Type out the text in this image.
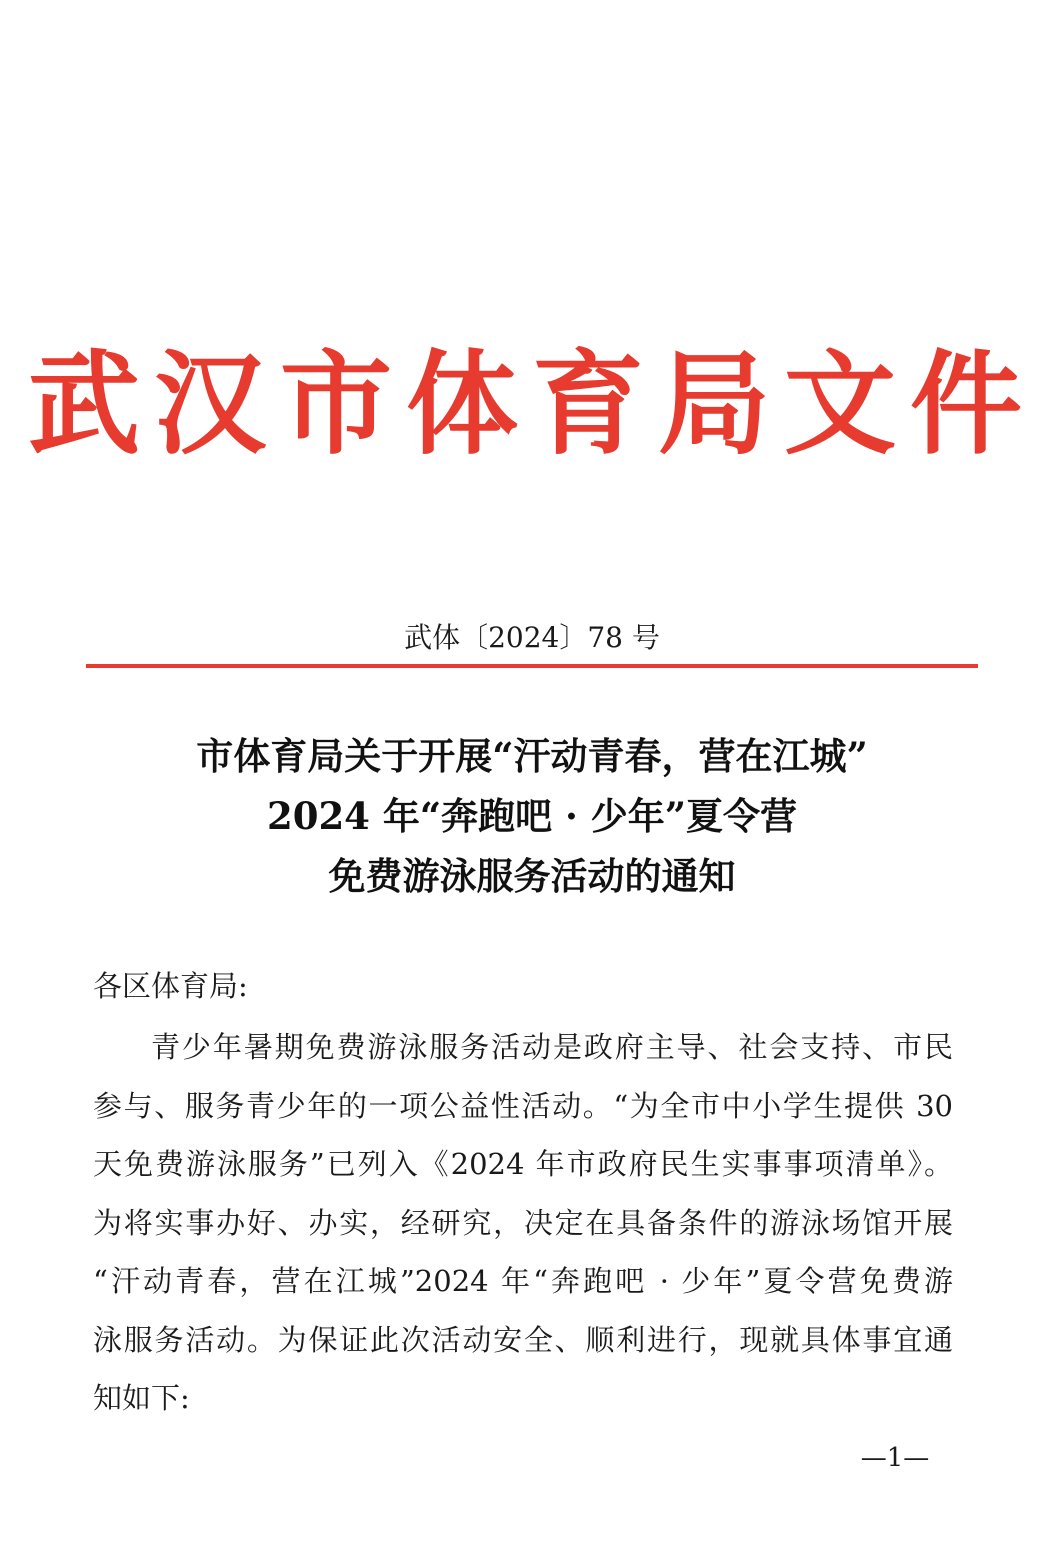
武汉市体育局文件
武体〔2024〕78 号
市体育局关于开展“汗动青春，营在江城”
2024 年“奔跑吧 · 少年”夏令营
免费游泳服务活动的通知
各区体育局:
青少年暑期免费游泳服务活动是政府主导、社会支持、市民
参与、服务青少年的一项公益性活动。“为全市中小学生提供 30
天免费游泳服务”已列入《2024 年市政府民生实事事项清单》。
为将实事办好、办实，经研究，决定在具备条件的游泳场馆开展
“汗动青春，营在江城”2024 年“奔跑吧 · 少年”夏令营免费游
泳服务活动。为保证此次活动安全、顺利进行，现就具体事宜通
知如下:
—1—
